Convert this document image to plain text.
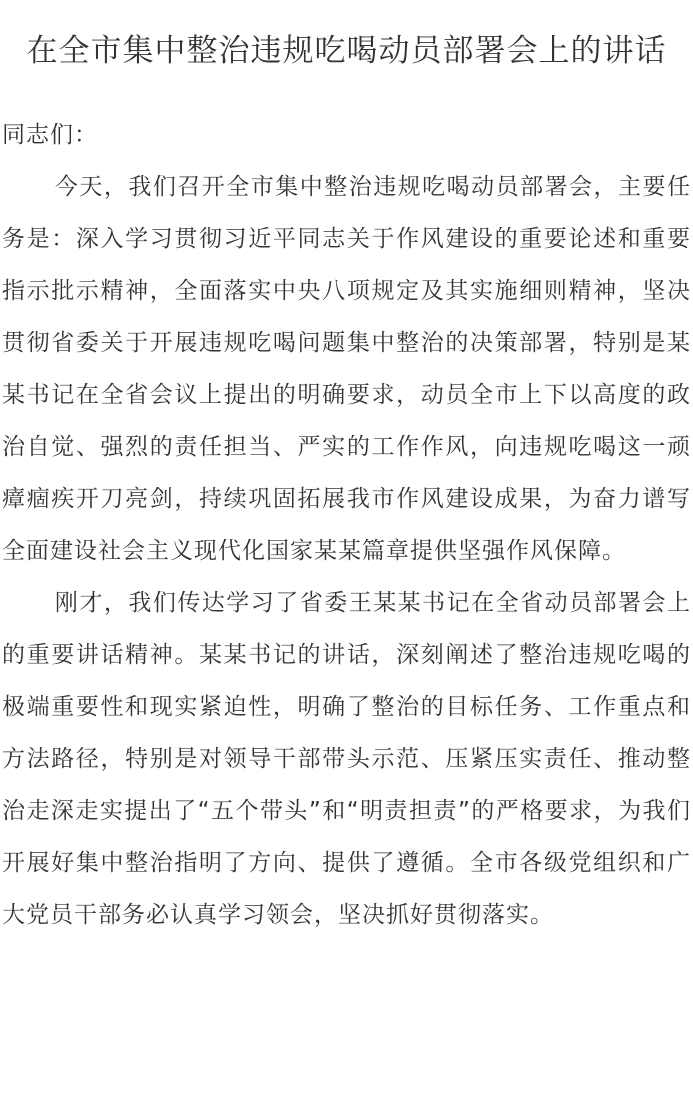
在全市集中整治违规吃喝动员部署会上的讲话

同志们：

今天，我们召开全市集中整治违规吃喝动员部署会，主要任务是：深入学习贯彻习近平同志关于作风建设的重要论述和重要指示批示精神，全面落实中央八项规定及其实施细则精神，坚决贯彻省委关于开展违规吃喝问题集中整治的决策部署，特别是某某书记在全省会议上提出的明确要求，动员全市上下以高度的政治自觉、强烈的责任担当、严实的工作作风，向违规吃喝这一顽瘴痼疾开刀亮剑，持续巩固拓展我市作风建设成果，为奋力谱写全面建设社会主义现代化国家某某篇章提供坚强作风保障。

刚才，我们传达学习了省委王某某书记在全省动员部署会上的重要讲话精神。某某书记的讲话，深刻阐述了整治违规吃喝的极端重要性和现实紧迫性，明确了整治的目标任务、工作重点和方法路径，特别是对领导干部带头示范、压紧压实责任、推动整治走深走实提出了“五个带头”和“明责担责”的严格要求，为我们开展好集中整治指明了方向、提供了遵循。全市各级党组织和广大党员干部务必认真学习领会，坚决抓好贯彻落实。
